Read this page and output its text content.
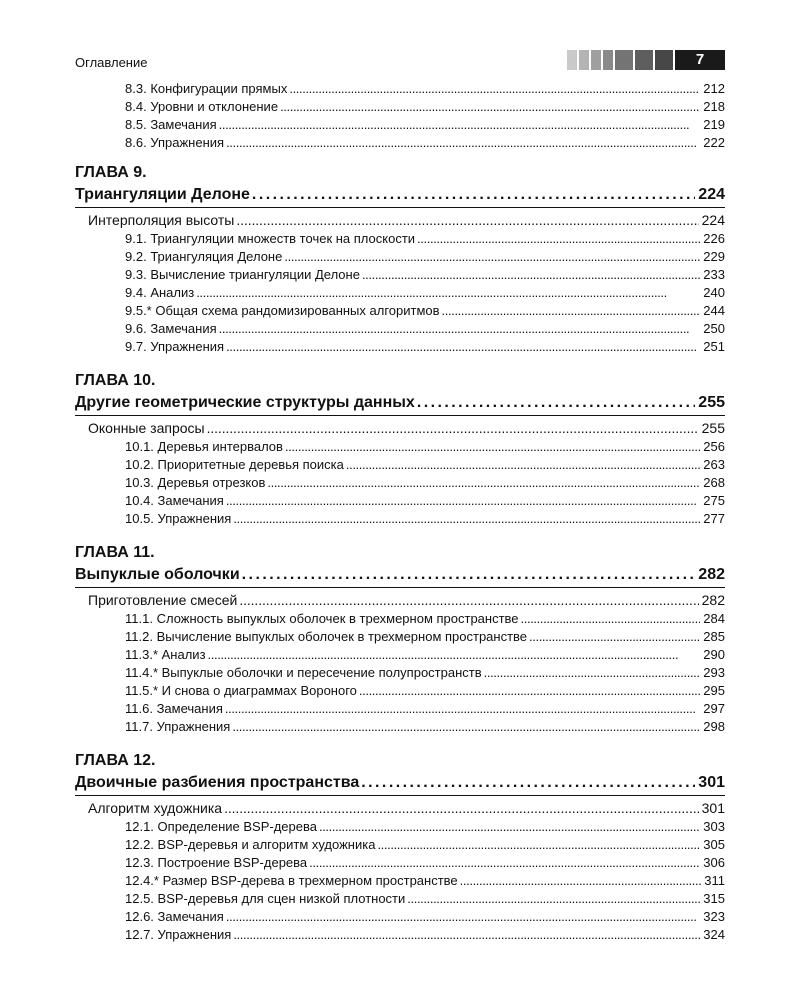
Оглавление	7
8.3. Конфигурации прямых . . .	212
8.4. Уровни и отклонение . . .	218
8.5. Замечания . . .	219
8.6. Упражнения . . .	222
ГЛАВА 9.
Триангуляции Делоне . . .	224
Интерполяция высоты . . .	224
9.1. Триангуляции множеств точек на плоскости . . .	226
9.2. Триангуляция Делоне . . .	229
9.3. Вычисление триангуляции Делоне . . .	233
9.4. Анализ . . .	240
9.5.* Общая схема рандомизированных алгоритмов . . .	244
9.6. Замечания . . .	250
9.7. Упражнения . . .	251
ГЛАВА 10.
Другие геометрические структуры данных . . .	255
Оконные запросы . . .	255
10.1. Деревья интервалов . . .	256
10.2. Приоритетные деревья поиска . . .	263
10.3. Деревья отрезков . . .	268
10.4. Замечания . . .	275
10.5. Упражнения . . .	277
ГЛАВА 11.
Выпуклые оболочки . . .	282
Приготовление смесей . . .	282
11.1. Сложность выпуклых оболочек в трехмерном пространстве . . .	284
11.2. Вычисление выпуклых оболочек в трехмерном пространстве . . .	285
11.3.* Анализ . . .	290
11.4.* Выпуклые оболочки и пересечение полупространств . . .	293
11.5.* И снова о диаграммах Вороного . . .	295
11.6. Замечания . . .	297
11.7. Упражнения . . .	298
ГЛАВА 12.
Двоичные разбиения пространства . . .	301
Алгоритм художника . . .	301
12.1. Определение BSP-дерева . . .	303
12.2. BSP-деревья и алгоритм художника . . .	305
12.3. Построение BSP-дерева . . .	306
12.4.* Размер BSP-дерева в трехмерном пространстве . . .	311
12.5. BSP-деревья для сцен низкой плотности . . .	315
12.6. Замечания . . .	323
12.7. Упражнения . . .	324
